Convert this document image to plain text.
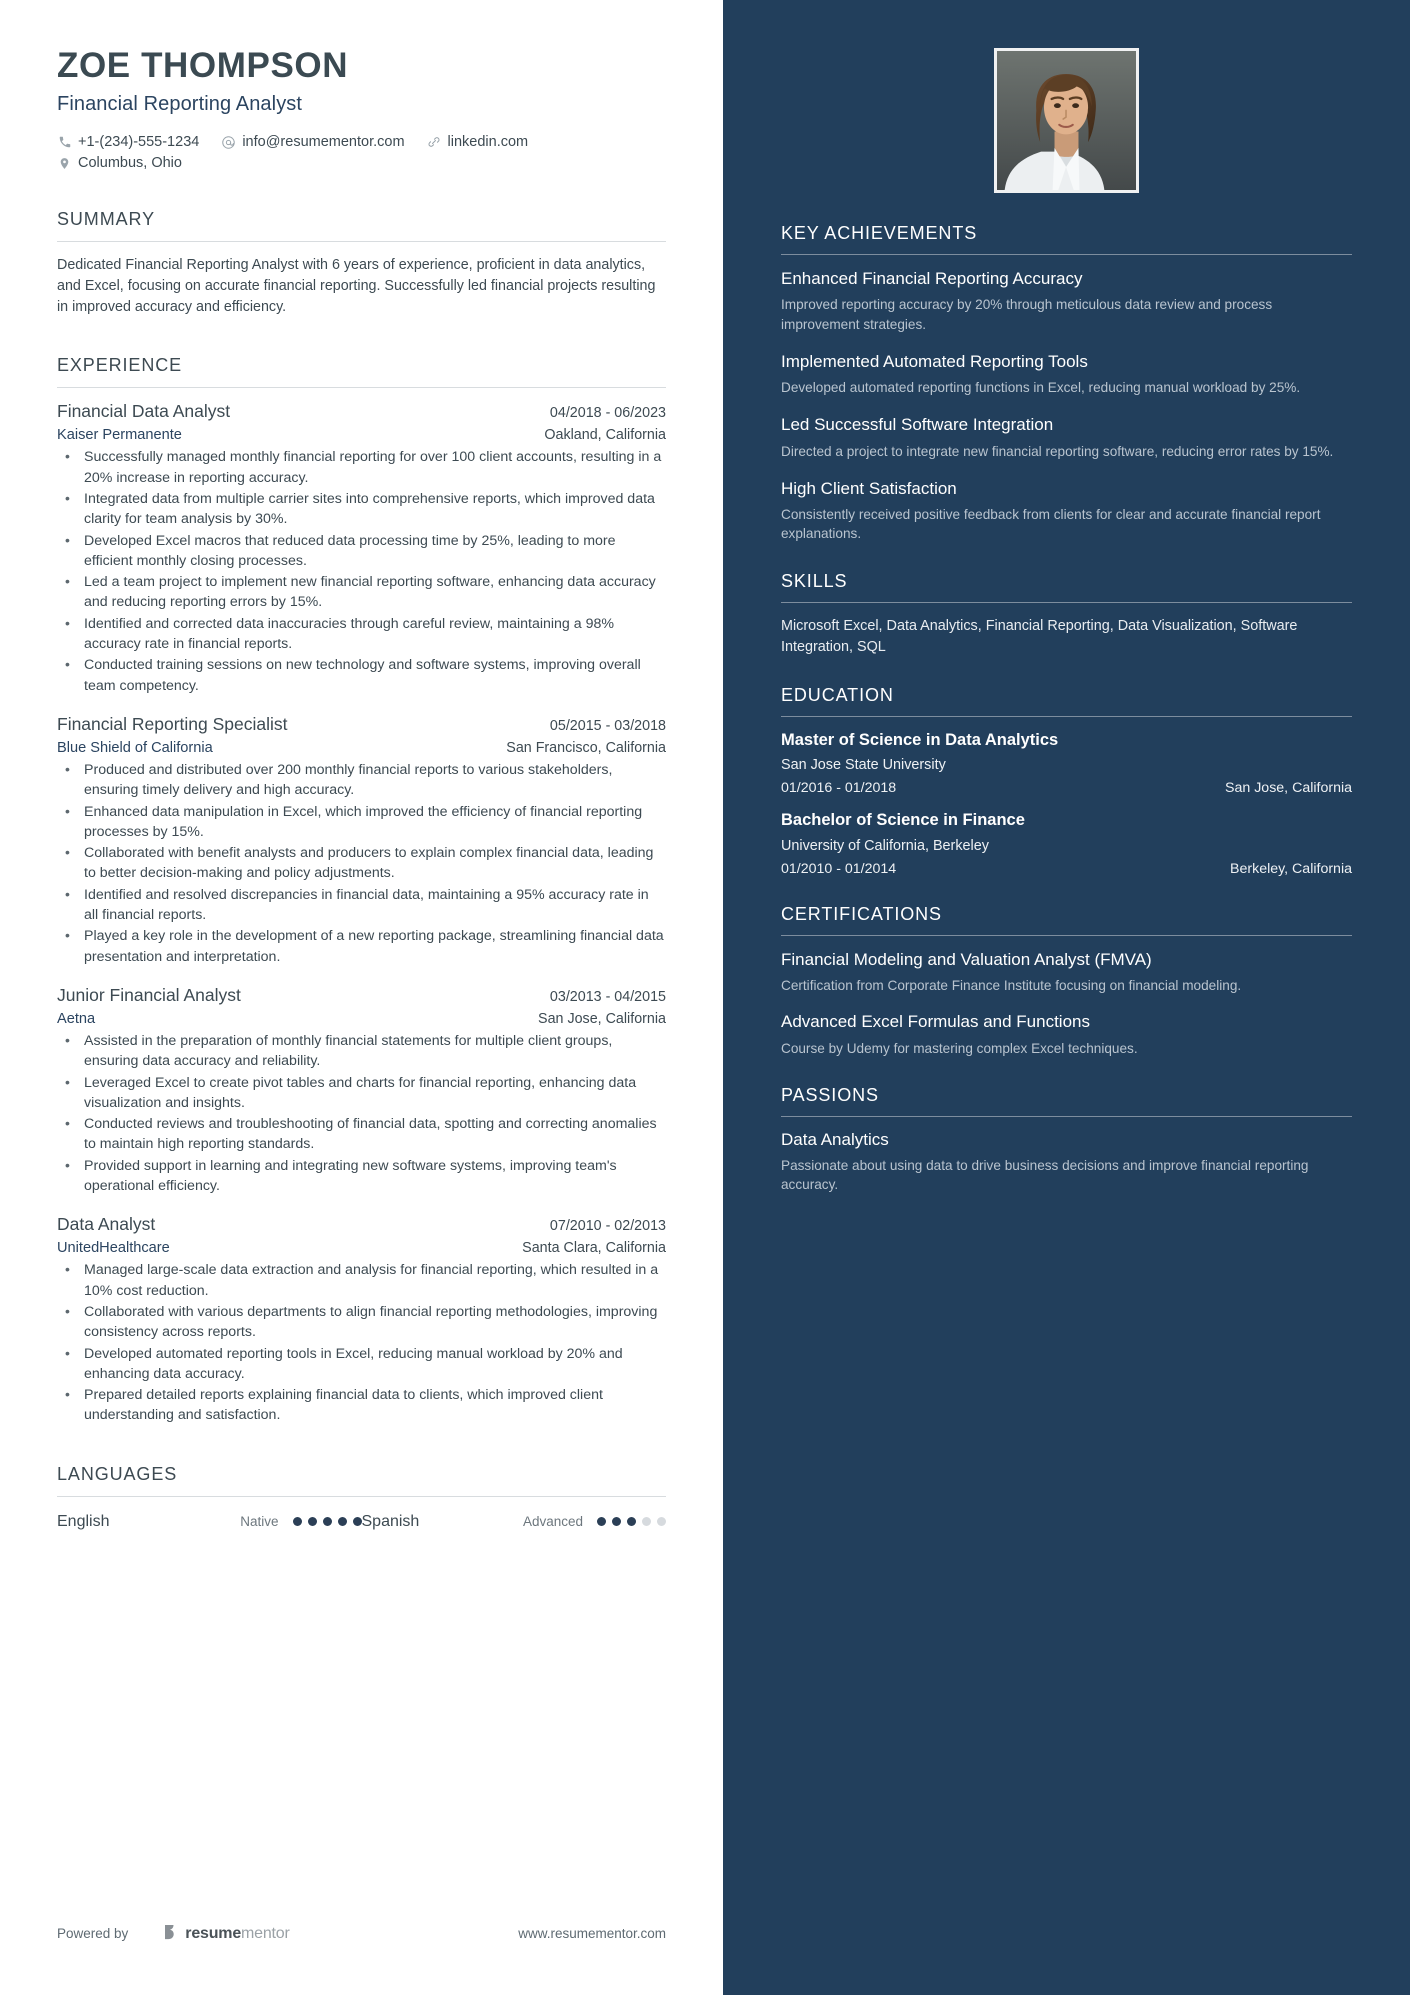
ZOE THOMPSON
Financial Reporting Analyst
+1-(234)-555-1234	info@resumementor.com	linkedin.com
Columbus, Ohio
SUMMARY
Dedicated Financial Reporting Analyst with 6 years of experience, proficient in data analytics, and Excel, focusing on accurate financial reporting. Successfully led financial projects resulting in improved accuracy and efficiency.
EXPERIENCE
Financial Data Analyst	04/2018 - 06/2023
Kaiser Permanente	Oakland, California
• Successfully managed monthly financial reporting for over 100 client accounts, resulting in a 20% increase in reporting accuracy.
• Integrated data from multiple carrier sites into comprehensive reports, which improved data clarity for team analysis by 30%.
• Developed Excel macros that reduced data processing time by 25%, leading to more efficient monthly closing processes.
• Led a team project to implement new financial reporting software, enhancing data accuracy and reducing reporting errors by 15%.
• Identified and corrected data inaccuracies through careful review, maintaining a 98% accuracy rate in financial reports.
• Conducted training sessions on new technology and software systems, improving overall team competency.
Financial Reporting Specialist	05/2015 - 03/2018
Blue Shield of California	San Francisco, California
• Produced and distributed over 200 monthly financial reports to various stakeholders, ensuring timely delivery and high accuracy.
• Enhanced data manipulation in Excel, which improved the efficiency of financial reporting processes by 15%.
• Collaborated with benefit analysts and producers to explain complex financial data, leading to better decision-making and policy adjustments.
• Identified and resolved discrepancies in financial data, maintaining a 95% accuracy rate in all financial reports.
• Played a key role in the development of a new reporting package, streamlining financial data presentation and interpretation.
Junior Financial Analyst	03/2013 - 04/2015
Aetna	San Jose, California
• Assisted in the preparation of monthly financial statements for multiple client groups, ensuring data accuracy and reliability.
• Leveraged Excel to create pivot tables and charts for financial reporting, enhancing data visualization and insights.
• Conducted reviews and troubleshooting of financial data, spotting and correcting anomalies to maintain high reporting standards.
• Provided support in learning and integrating new software systems, improving team's operational efficiency.
Data Analyst	07/2010 - 02/2013
UnitedHealthcare	Santa Clara, California
• Managed large-scale data extraction and analysis for financial reporting, which resulted in a 10% cost reduction.
• Collaborated with various departments to align financial reporting methodologies, improving consistency across reports.
• Developed automated reporting tools in Excel, reducing manual workload by 20% and enhancing data accuracy.
• Prepared detailed reports explaining financial data to clients, which improved client understanding and satisfaction.
LANGUAGES
English	Native	Spanish	Advanced
Powered by	resume mentor	www.resumementor.com
KEY ACHIEVEMENTS
Enhanced Financial Reporting Accuracy
Improved reporting accuracy by 20% through meticulous data review and process improvement strategies.
Implemented Automated Reporting Tools
Developed automated reporting functions in Excel, reducing manual workload by 25%.
Led Successful Software Integration
Directed a project to integrate new financial reporting software, reducing error rates by 15%.
High Client Satisfaction
Consistently received positive feedback from clients for clear and accurate financial report explanations.
SKILLS
Microsoft Excel, Data Analytics, Financial Reporting, Data Visualization, Software Integration, SQL
EDUCATION
Master of Science in Data Analytics
San Jose State University
01/2016 - 01/2018	San Jose, California
Bachelor of Science in Finance
University of California, Berkeley
01/2010 - 01/2014	Berkeley, California
CERTIFICATIONS
Financial Modeling and Valuation Analyst (FMVA)
Certification from Corporate Finance Institute focusing on financial modeling.
Advanced Excel Formulas and Functions
Course by Udemy for mastering complex Excel techniques.
PASSIONS
Data Analytics
Passionate about using data to drive business decisions and improve financial reporting accuracy.
